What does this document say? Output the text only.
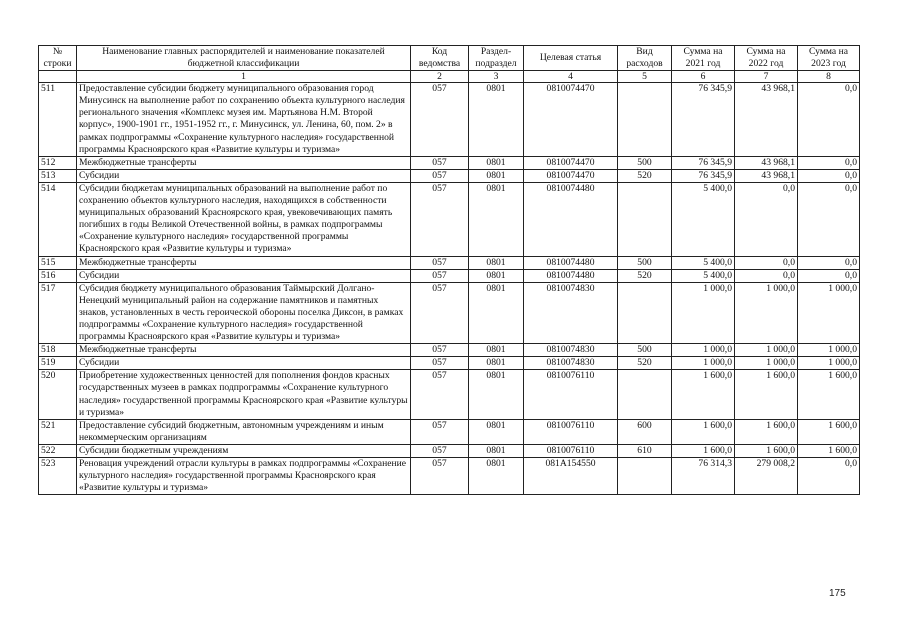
№ строки	Наименование главных распорядителей и наименование показателей бюджетной классификации	Код ведомства	Раздел-подраздел	Целевая статья	Вид расходов	Сумма на 2021 год	Сумма на 2022 год	Сумма на 2023 год
	1	2	3	4	5	6	7	8
511	Предоставление субсидии бюджету муниципального образования город Минусинск на выполнение работ по сохранению объекта культурного наследия регионального значения «Комплекс музея им. Мартьянова Н.М. Второй корпус», 1900-1901 гг., 1951-1952 гг., г. Минусинск, ул. Ленина, 60, пом. 2» в рамках подпрограммы «Сохранение культурного наследия» государственной программы Красноярского края «Развитие культуры и туризма»	057	0801	0810074470		76 345,9	43 968,1	0,0
512	Межбюджетные трансферты	057	0801	0810074470	500	76 345,9	43 968,1	0,0
513	Субсидии	057	0801	0810074470	520	76 345,9	43 968,1	0,0
514	Субсидии бюджетам муниципальных образований на выполнение работ по сохранению объектов культурного наследия, находящихся в собственности муниципальных образований Красноярского края, увековечивающих память погибших в годы Великой Отечественной войны, в рамках подпрограммы «Сохранение культурного наследия» государственной программы Красноярского края «Развитие культуры и туризма»	057	0801	0810074480		5 400,0	0,0	0,0
515	Межбюджетные трансферты	057	0801	0810074480	500	5 400,0	0,0	0,0
516	Субсидии	057	0801	0810074480	520	5 400,0	0,0	0,0
517	Субсидия бюджету муниципального образования Таймырский Долгано-Ненецкий муниципальный район на содержание памятников и памятных знаков, установленных в честь героической обороны поселка Диксон, в рамках подпрограммы «Сохранение культурного наследия» государственной программы Красноярского края «Развитие культуры и туризма»	057	0801	0810074830		1 000,0	1 000,0	1 000,0
518	Межбюджетные трансферты	057	0801	0810074830	500	1 000,0	1 000,0	1 000,0
519	Субсидии	057	0801	0810074830	520	1 000,0	1 000,0	1 000,0
520	Приобретение художественных ценностей для пополнения фондов красных государственных музеев в рамках подпрограммы «Сохранение культурного наследия» государственной программы Красноярского края «Развитие культуры и туризма»	057	0801	0810076110		1 600,0	1 600,0	1 600,0
521	Предоставление субсидий бюджетным, автономным учреждениям и иным некоммерческим организациям	057	0801	0810076110	600	1 600,0	1 600,0	1 600,0
522	Субсидии бюджетным учреждениям	057	0801	0810076110	610	1 600,0	1 600,0	1 600,0
523	Реновация учреждений отрасли культуры в рамках подпрограммы «Сохранение культурного наследия» государственной программы Красноярского края «Развитие культуры и туризма»	057	0801	081A154550		76 314,3	279 008,2	0,0
175
